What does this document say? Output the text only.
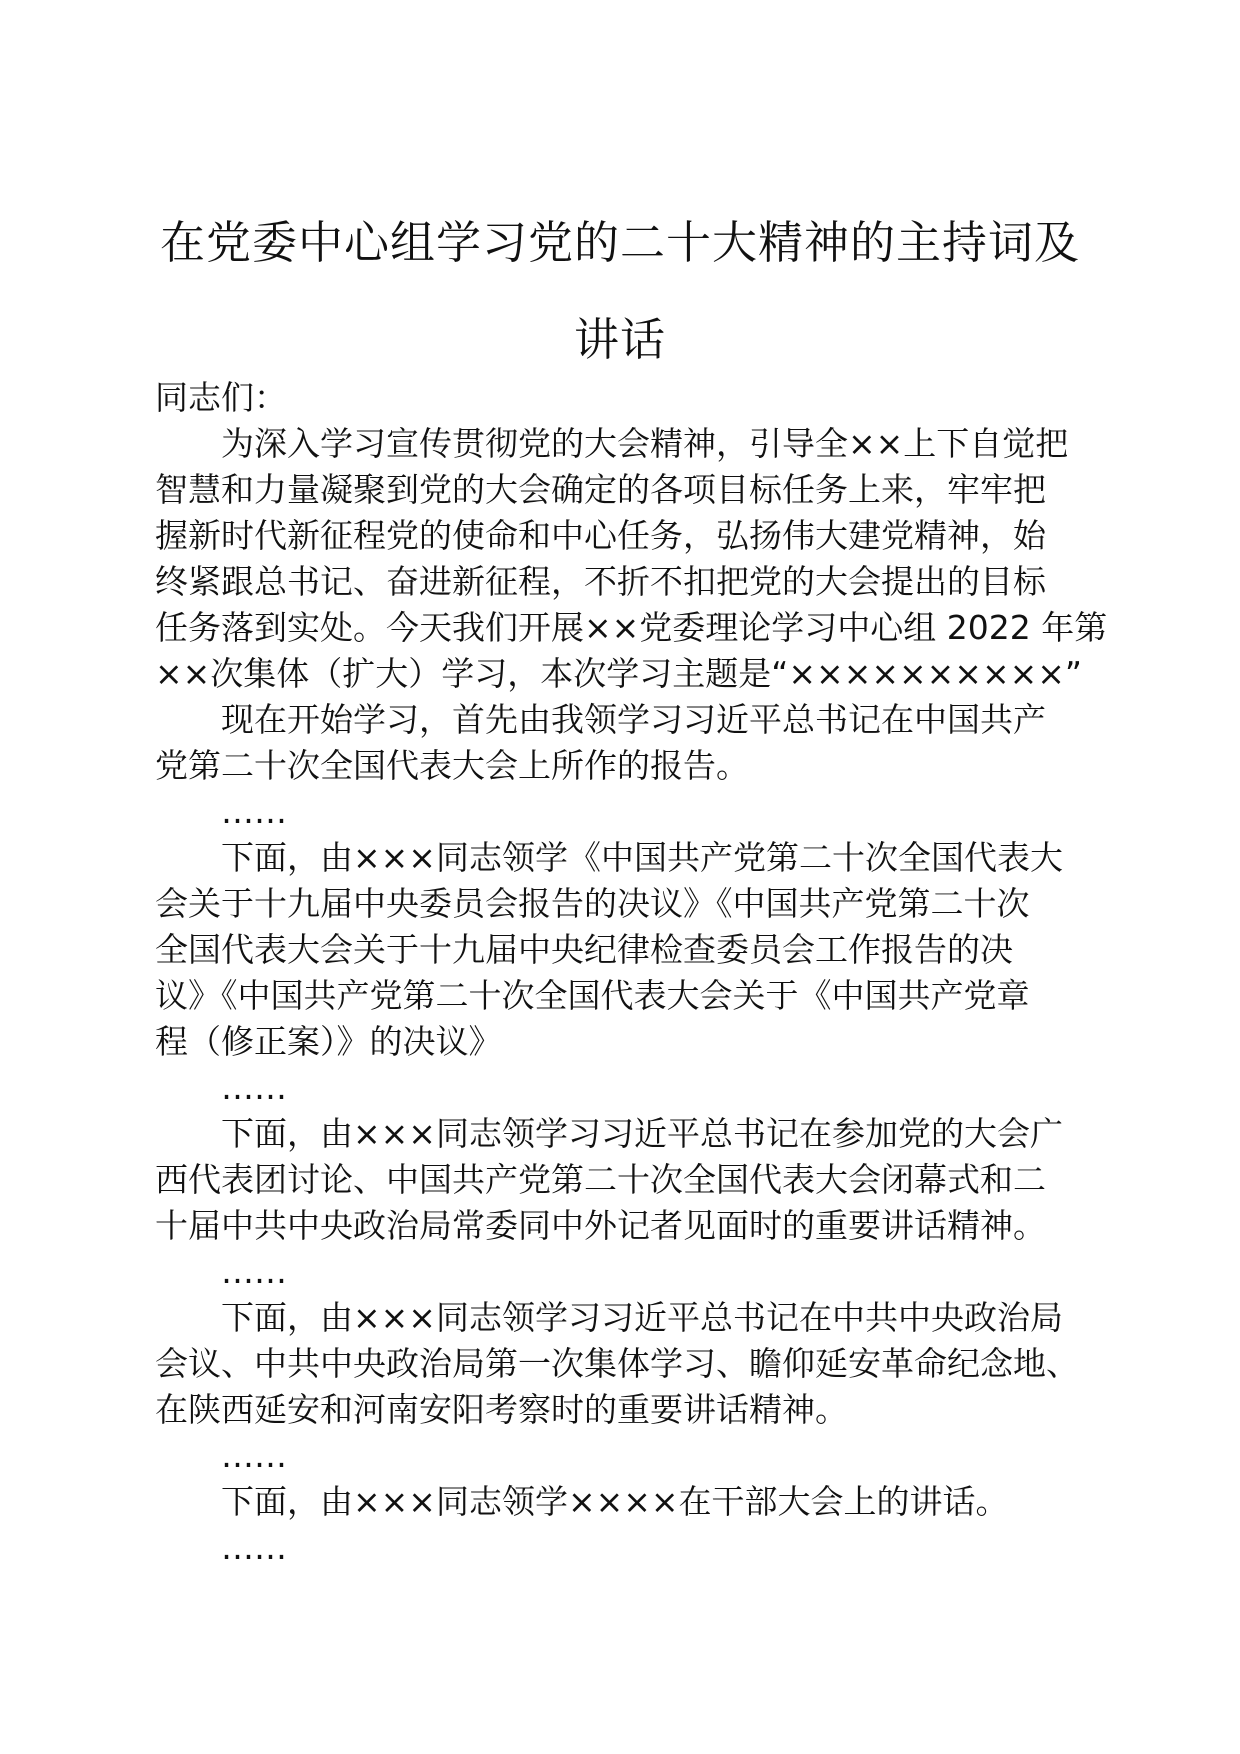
在党委中心组学习党的二十大精神的主持词及
讲话
同志们：
为深入学习宣传贯彻党的大会精神，引导全××上下自觉把
智慧和力量凝聚到党的大会确定的各项目标任务上来，牢牢把
握新时代新征程党的使命和中心任务，弘扬伟大建党精神，始
终紧跟总书记、奋进新征程，不折不扣把党的大会提出的目标
任务落到实处。今天我们开展××党委理论学习中心组 2022 年第
××次集体（扩大）学习，本次学习主题是“××××××××××”
现在开始学习，首先由我领学习习近平总书记在中国共产
党第二十次全国代表大会上所作的报告。
……
下面，由×××同志领学《中国共产党第二十次全国代表大
会关于十九届中央委员会报告的决议》《中国共产党第二十次
全国代表大会关于十九届中央纪律检查委员会工作报告的决
议》《中国共产党第二十次全国代表大会关于《中国共产党章
程（修正案）》的决议》
……
下面，由×××同志领学习习近平总书记在参加党的大会广
西代表团讨论、中国共产党第二十次全国代表大会闭幕式和二
十届中共中央政治局常委同中外记者见面时的重要讲话精神。
……
下面，由×××同志领学习习近平总书记在中共中央政治局
会议、中共中央政治局第一次集体学习、瞻仰延安革命纪念地、
在陕西延安和河南安阳考察时的重要讲话精神。
……
下面，由×××同志领学××××在干部大会上的讲话。
……
